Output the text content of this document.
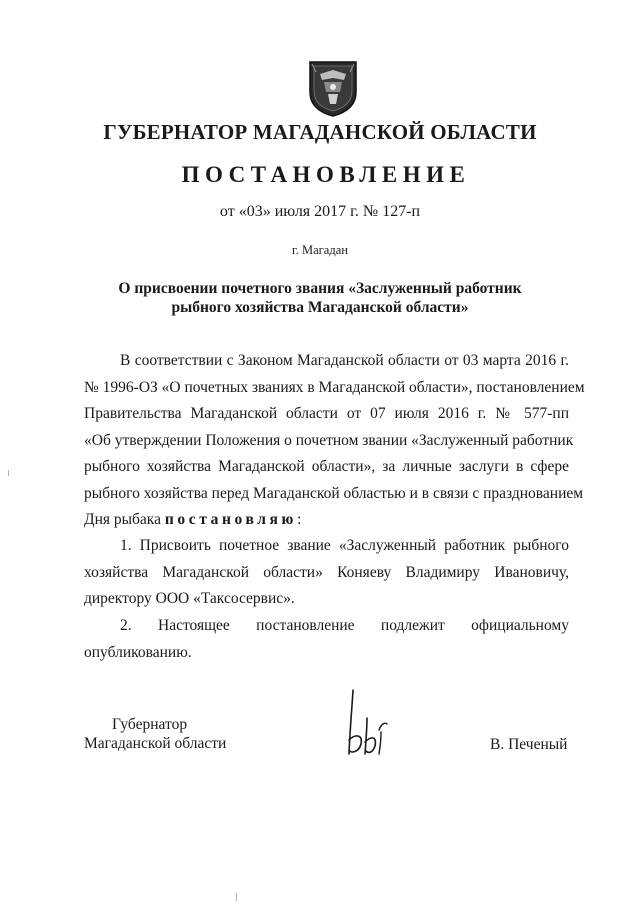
ГУБЕРНАТОР МАГАДАНСКОЙ ОБЛАСТИ
ПОСТАНОВЛЕНИЕ
от «03» июля 2017 г. № 127-п
г. Магадан
О присвоении почетного звания «Заслуженный работник
рыбного хозяйства Магаданской области»
В соответствии с Законом Магаданской области от 03 марта 2016 г.
№ 1996-ОЗ «О почетных званиях в Магаданской области», постановлением
Правительства Магаданской области от 07 июля 2016 г. № 577-пп
«Об утверждении Положения о почетном звании «Заслуженный работник
рыбного хозяйства Магаданской области», за личные заслуги в сфере
рыбного хозяйства перед Магаданской областью и в связи с празднованием
Дня рыбака постановляю:
1. Присвоить почетное звание «Заслуженный работник рыбного
хозяйства Магаданской области» Коняеву Владимиру Ивановичу,
директору ООО «Таксосервис».
2. Настоящее постановление подлежит официальному
опубликованию.
Губернатор
Магаданской области	В. Печеный
